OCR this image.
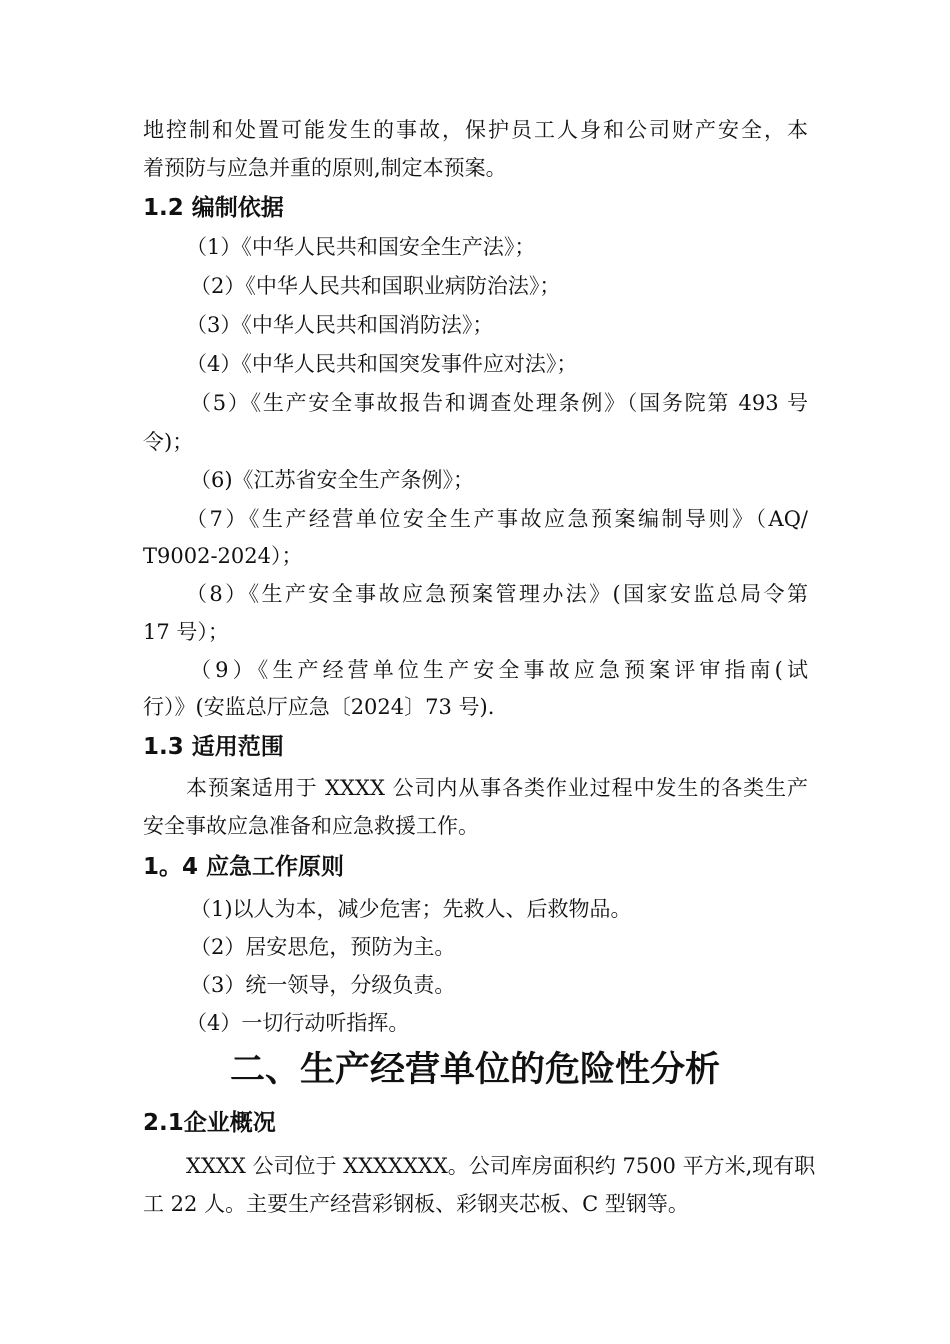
地控制和处置可能发生的事故，保护员工人身和公司财产安全，本
着预防与应急并重的原则,制定本预案。
1.2 编制依据
（1）《中华人民共和国安全生产法》；
（2）《中华人民共和国职业病防治法》；
（3）《中华人民共和国消防法》；
（4）《中华人民共和国突发事件应对法》；
（5）《生产安全事故报告和调查处理条例》（国务院第 493 号
令)；
（6)《江苏省安全生产条例》；
（7）《生产经营单位安全生产事故应急预案编制导则》（AQ/
T9002-2024）；
（8）《生产安全事故应急预案管理办法》(国家安监总局令第
17 号）；
（9）《生产经营单位生产安全事故应急预案评审指南(试
行）》(安监总厅应急〔2024〕73 号).
1.3 适用范围
本预案适用于 XXXX 公司内从事各类作业过程中发生的各类生产
安全事故应急准备和应急救援工作。
1。4 应急工作原则
（1)以人为本，减少危害；先救人、后救物品。
（2）居安思危，预防为主。
（3）统一领导，分级负责。
（4）一切行动听指挥。
二、生产经营单位的危险性分析
2.1企业概况
XXXX 公司位于 XXXXXXX。公司库房面积约 7500 平方米,现有职
工 22 人。主要生产经营彩钢板、彩钢夹芯板、C 型钢等。
